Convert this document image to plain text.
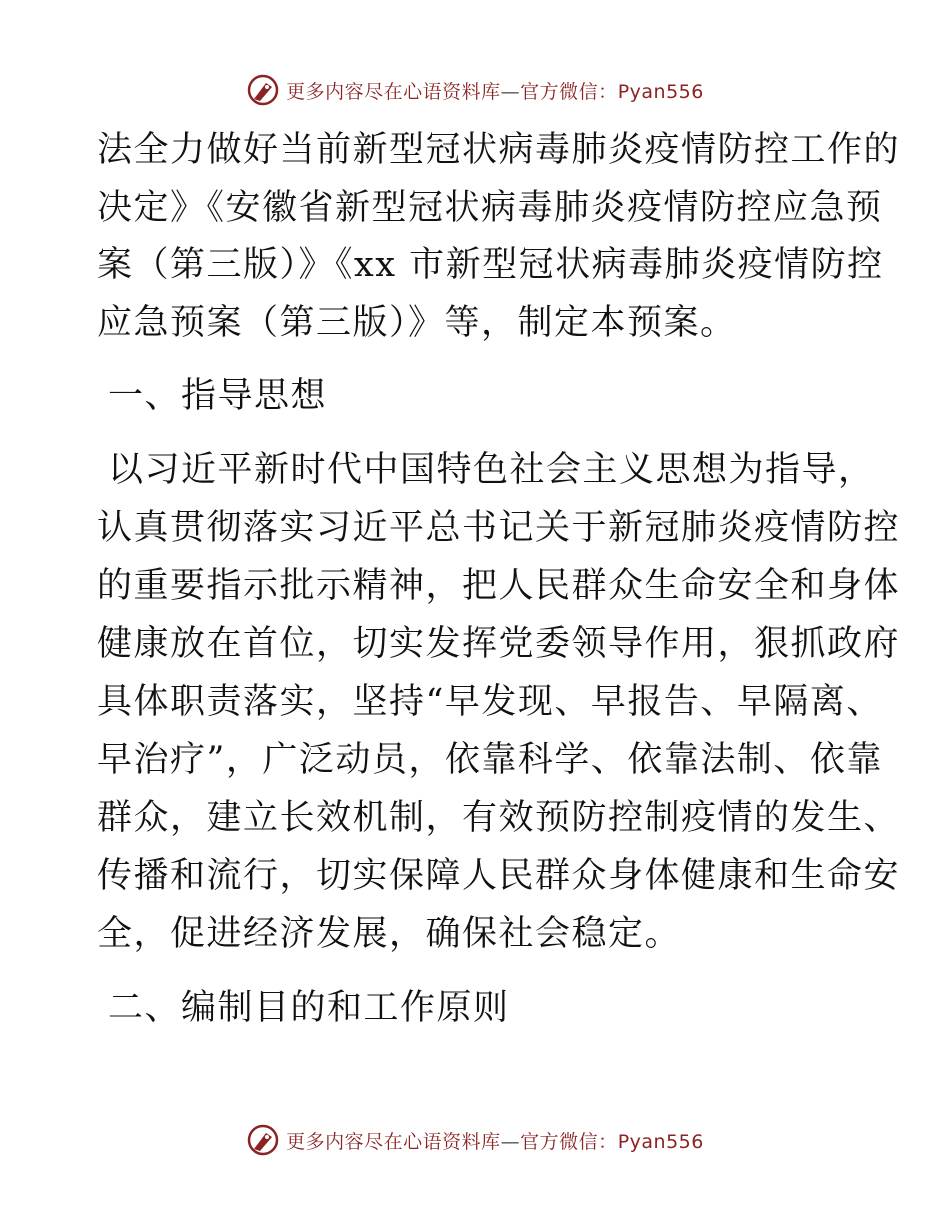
更多内容尽在心语资料库—官方微信：Pyan556
法全力做好当前新型冠状病毒肺炎疫情防控工作的
决定》《安徽省新型冠状病毒肺炎疫情防控应急预
案（第三版）》《xx 市新型冠状病毒肺炎疫情防控
应急预案（第三版）》等，制定本预案。
一、指导思想
以习近平新时代中国特色社会主义思想为指导，
认真贯彻落实习近平总书记关于新冠肺炎疫情防控
的重要指示批示精神，把人民群众生命安全和身体
健康放在首位，切实发挥党委领导作用，狠抓政府
具体职责落实，坚持“早发现、早报告、早隔离、
早治疗”，广泛动员，依靠科学、依靠法制、依靠
群众，建立长效机制，有效预防控制疫情的发生、
传播和流行，切实保障人民群众身体健康和生命安
全，促进经济发展，确保社会稳定。
二、编制目的和工作原则
更多内容尽在心语资料库—官方微信：Pyan556
